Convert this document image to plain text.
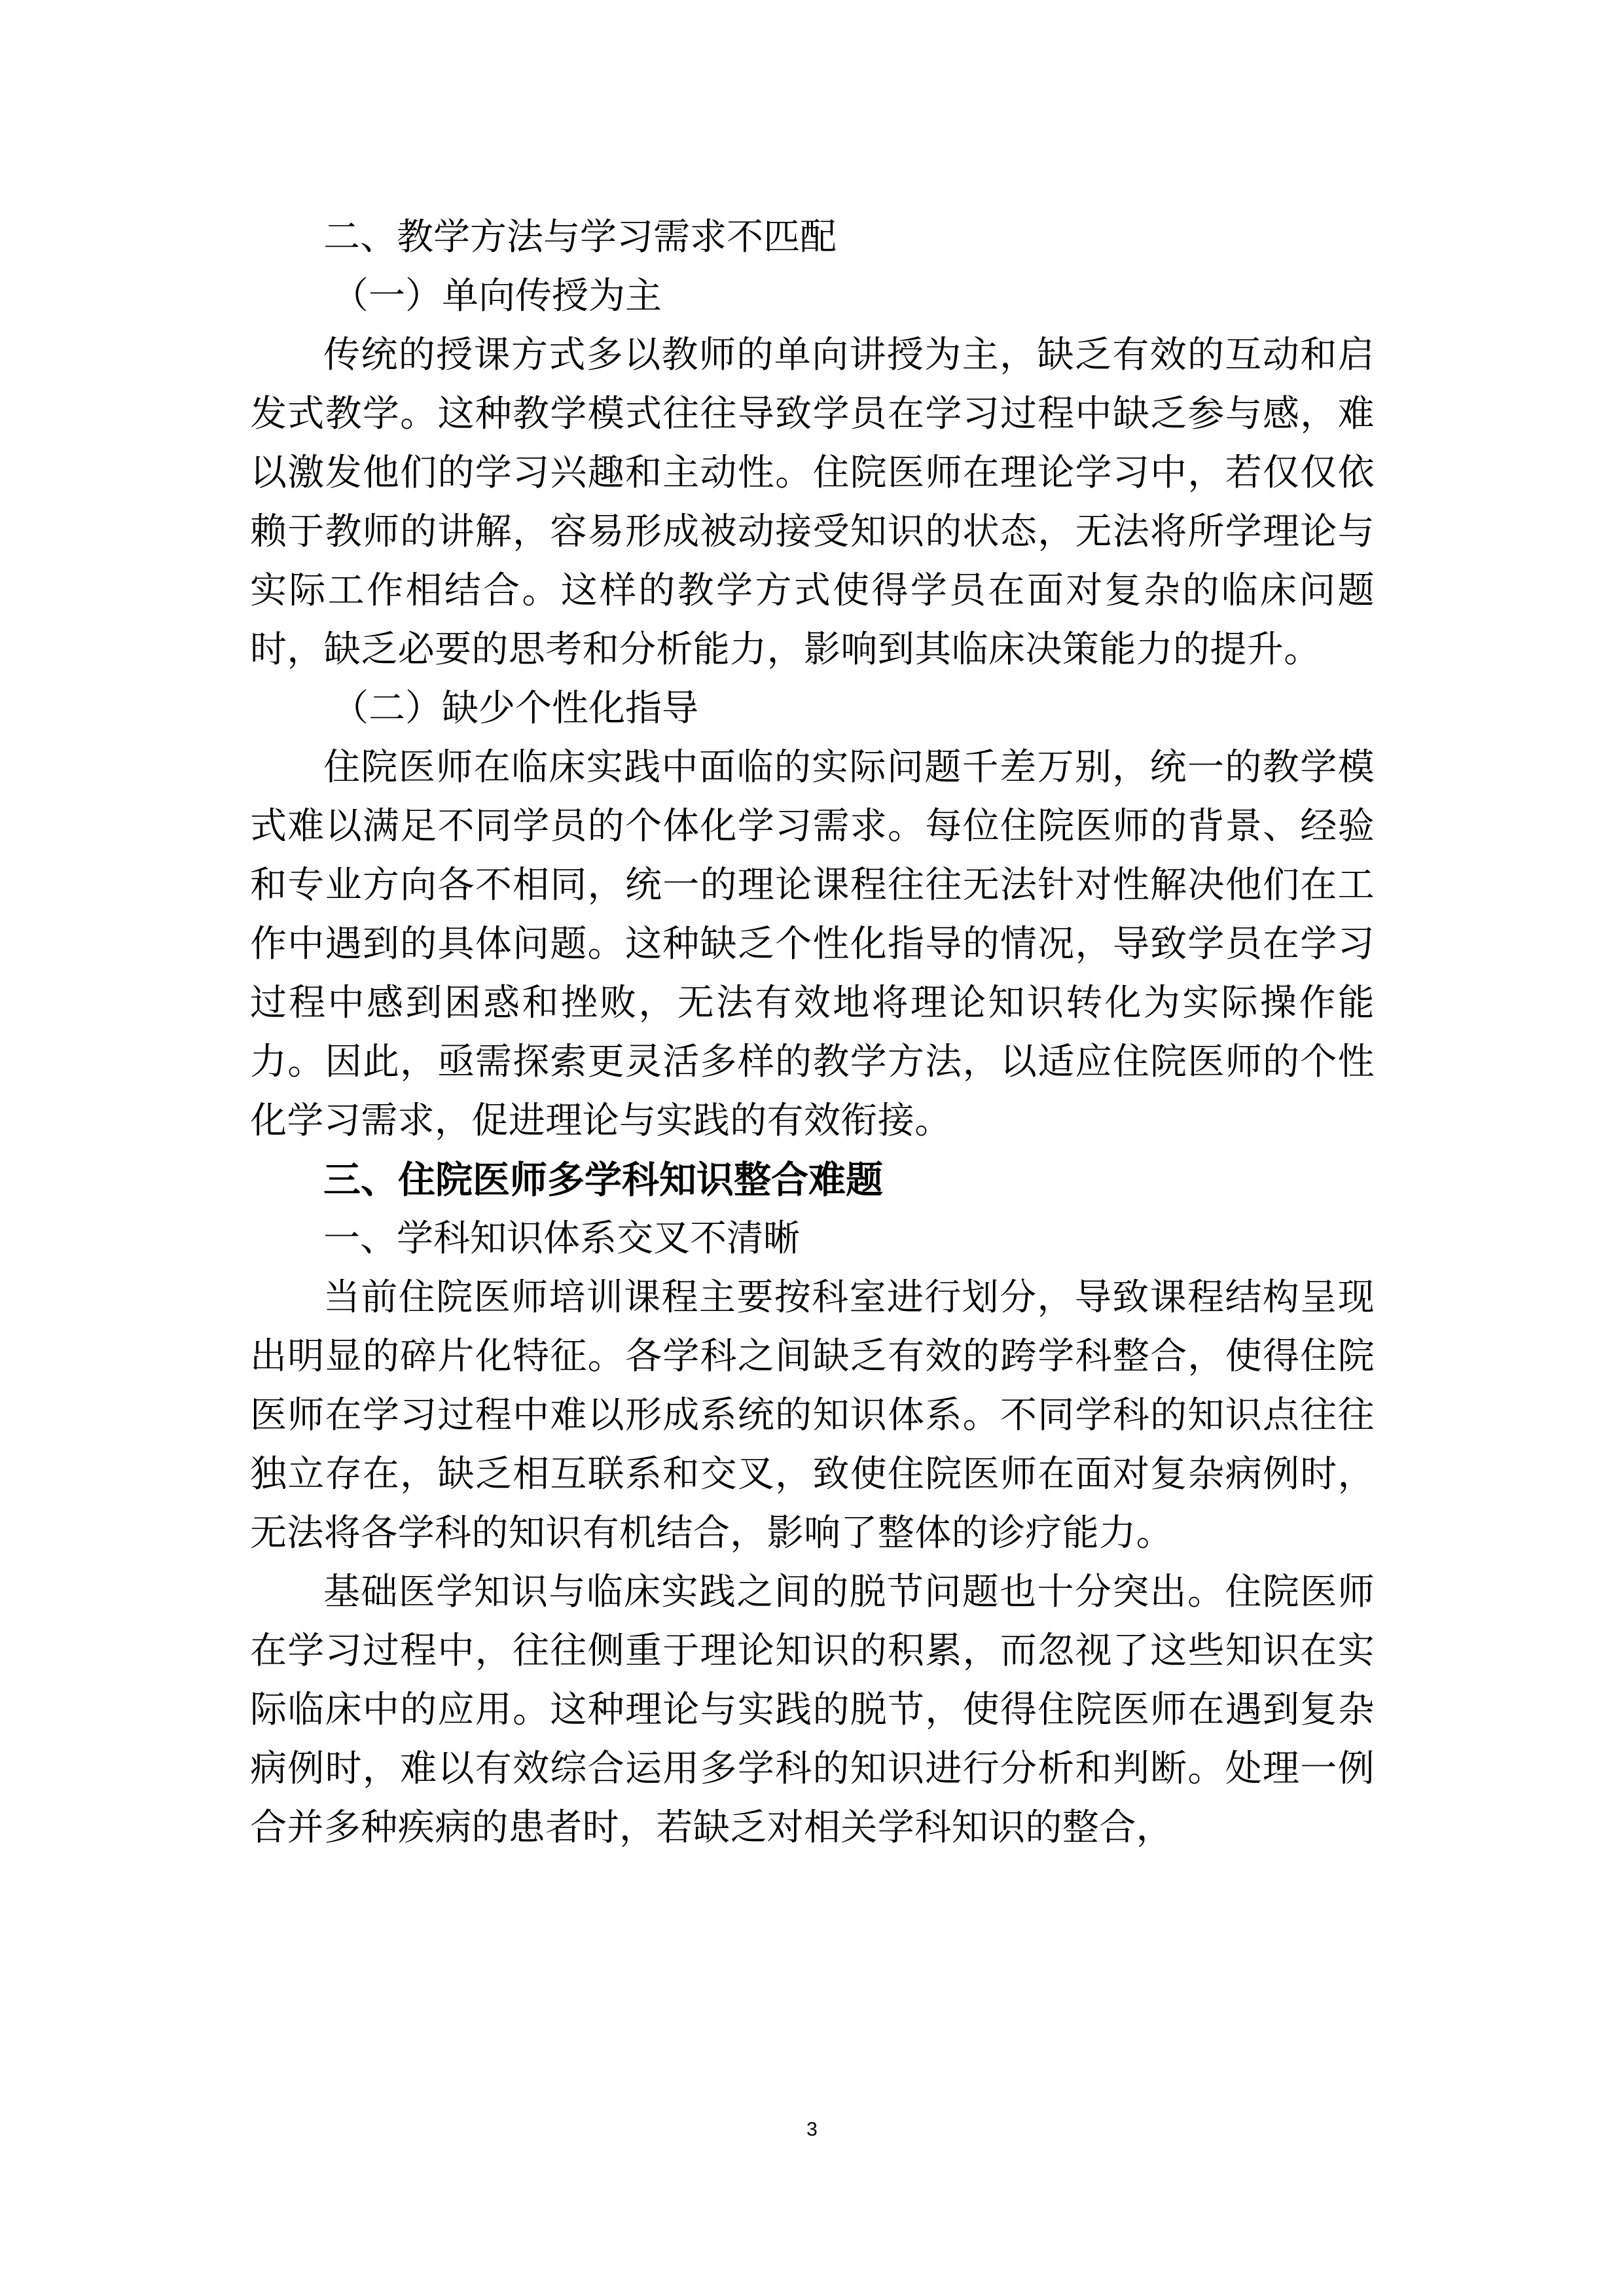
二、教学方法与学习需求不匹配

（一）单向传授为主

传统的授课方式多以教师的单向讲授为主，缺乏有效的互动和启发式教学。这种教学模式往往导致学员在学习过程中缺乏参与感，难以激发他们的学习兴趣和主动性。住院医师在理论学习中，若仅仅依赖于教师的讲解，容易形成被动接受知识的状态，无法将所学理论与实际工作相结合。这样的教学方式使得学员在面对复杂的临床问题时，缺乏必要的思考和分析能力，影响到其临床决策能力的提升。

（二）缺少个性化指导

住院医师在临床实践中面临的实际问题千差万别，统一的教学模式难以满足不同学员的个体化学习需求。每位住院医师的背景、经验和专业方向各不相同，统一的理论课程往往无法针对性解决他们在工作中遇到的具体问题。这种缺乏个性化指导的情况，导致学员在学习过程中感到困惑和挫败，无法有效地将理论知识转化为实际操作能力。因此，亟需探索更灵活多样的教学方法，以适应住院医师的个性化学习需求，促进理论与实践的有效衔接。

三、住院医师多学科知识整合难题

一、学科知识体系交叉不清晰

当前住院医师培训课程主要按科室进行划分，导致课程结构呈现出明显的碎片化特征。各学科之间缺乏有效的跨学科整合，使得住院医师在学习过程中难以形成系统的知识体系。不同学科的知识点往往独立存在，缺乏相互联系和交叉，致使住院医师在面对复杂病例时，无法将各学科的知识有机结合，影响了整体的诊疗能力。

基础医学知识与临床实践之间的脱节问题也十分突出。住院医师在学习过程中，往往侧重于理论知识的积累，而忽视了这些知识在实际临床中的应用。这种理论与实践的脱节，使得住院医师在遇到复杂病例时，难以有效综合运用多学科的知识进行分析和判断。处理一例合并多种疾病的患者时，若缺乏对相关学科知识的整合，

3
